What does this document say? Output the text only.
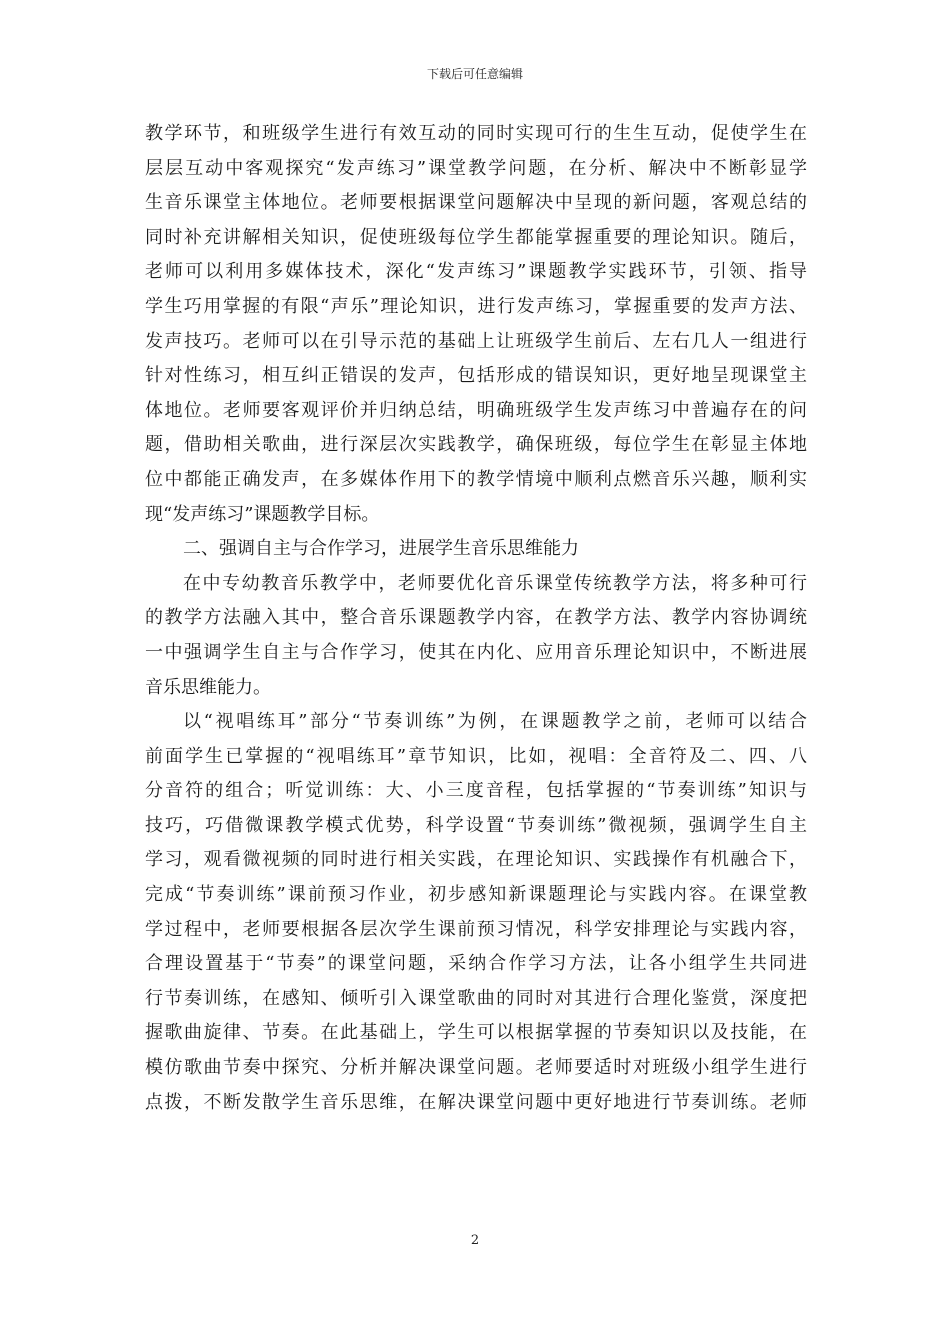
下载后可任意编辑
教学环节，和班级学生进行有效互动的同时实现可行的生生互动，促使学生在
层层互动中客观探究“发声练习”课堂教学问题，在分析、解决中不断彰显学
生音乐课堂主体地位。老师要根据课堂问题解决中呈现的新问题，客观总结的
同时补充讲解相关知识，促使班级每位学生都能掌握重要的理论知识。随后，
老师可以利用多媒体技术，深化“发声练习”课题教学实践环节，引领、指导
学生巧用掌握的有限“声乐”理论知识，进行发声练习，掌握重要的发声方法、
发声技巧。老师可以在引导示范的基础上让班级学生前后、左右几人一组进行
针对性练习，相互纠正错误的发声，包括形成的错误知识，更好地呈现课堂主
体地位。老师要客观评价并归纳总结，明确班级学生发声练习中普遍存在的问
题，借助相关歌曲，进行深层次实践教学，确保班级，每位学生在彰显主体地
位中都能正确发声，在多媒体作用下的教学情境中顺利点燃音乐兴趣，顺利实
现“发声练习”课题教学目标。
二、强调自主与合作学习，进展学生音乐思维能力
在中专幼教音乐教学中，老师要优化音乐课堂传统教学方法，将多种可行
的教学方法融入其中，整合音乐课题教学内容，在教学方法、教学内容协调统
一中强调学生自主与合作学习，使其在内化、应用音乐理论知识中，不断进展
音乐思维能力。
以“视唱练耳”部分“节奏训练”为例，在课题教学之前，老师可以结合
前面学生已掌握的“视唱练耳”章节知识，比如，视唱：全音符及二、四、八
分音符的组合；听觉训练：大、小三度音程，包括掌握的“节奏训练”知识与
技巧，巧借微课教学模式优势，科学设置“节奏训练”微视频，强调学生自主
学习，观看微视频的同时进行相关实践，在理论知识、实践操作有机融合下，
完成“节奏训练”课前预习作业，初步感知新课题理论与实践内容。在课堂教
学过程中，老师要根据各层次学生课前预习情况，科学安排理论与实践内容，
合理设置基于“节奏”的课堂问题，采纳合作学习方法，让各小组学生共同进
行节奏训练，在感知、倾听引入课堂歌曲的同时对其进行合理化鉴赏，深度把
握歌曲旋律、节奏。在此基础上，学生可以根据掌握的节奏知识以及技能，在
模仿歌曲节奏中探究、分析并解决课堂问题。老师要适时对班级小组学生进行
点拨，不断发散学生音乐思维，在解决课堂问题中更好地进行节奏训练。老师
2
